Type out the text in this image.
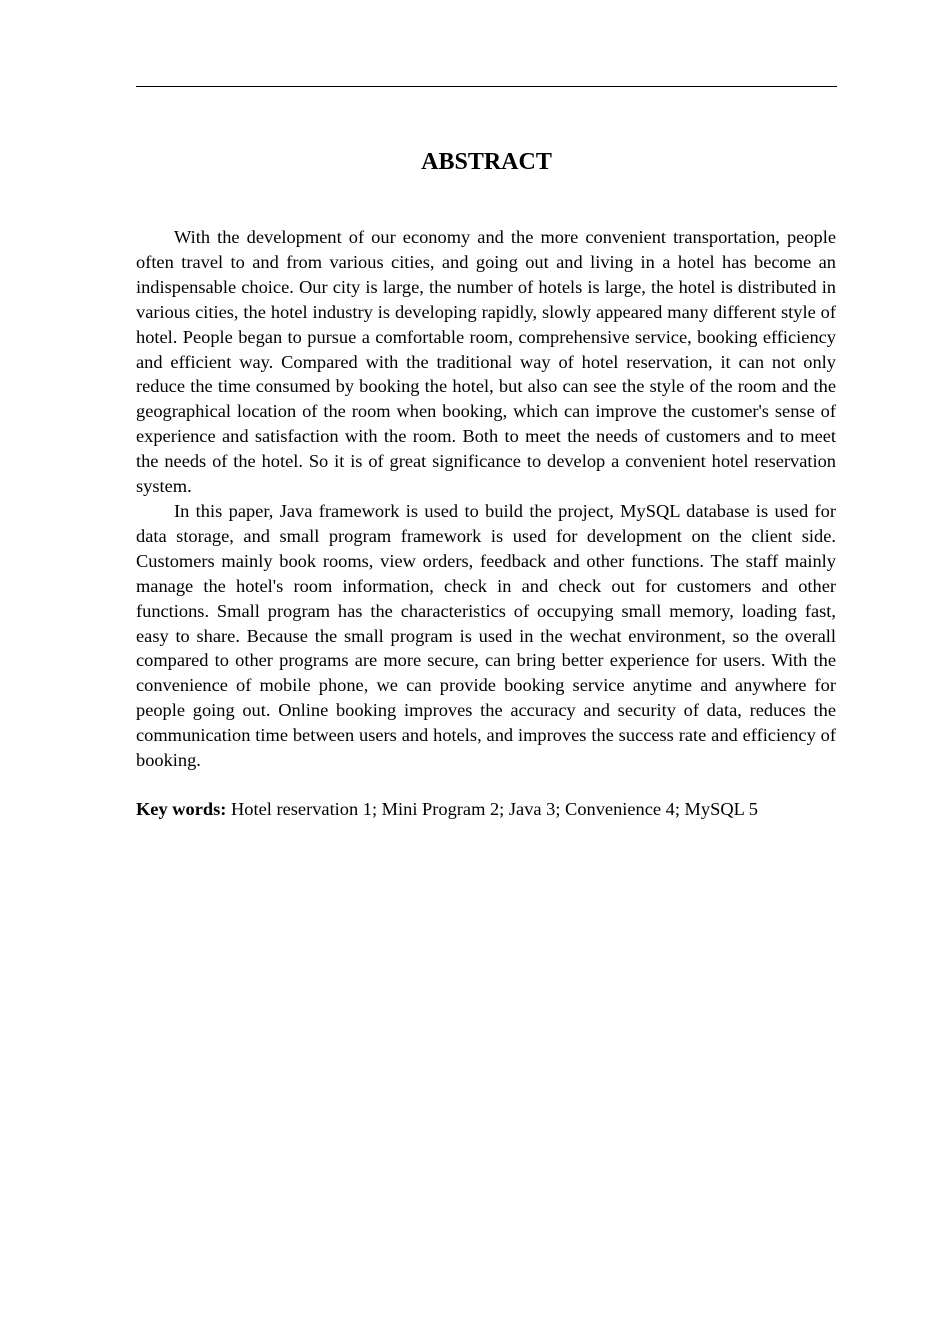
ABSTRACT

With the development of our economy and the more convenient transportation, people often travel to and from various cities, and going out and living in a hotel has become an indispensable choice. Our city is large, the number of hotels is large, the hotel is distributed in various cities, the hotel industry is developing rapidly, slowly appeared many different style of hotel. People began to pursue a comfortable room, comprehensive service, booking efficiency and efficient way. Compared with the traditional way of hotel reservation, it can not only reduce the time consumed by booking the hotel, but also can see the style of the room and the geographical location of the room when booking, which can improve the customer's sense of experience and satisfaction with the room. Both to meet the needs of customers and to meet the needs of the hotel. So it is of great significance to develop a convenient hotel reservation system.

In this paper, Java framework is used to build the project, MySQL database is used for data storage, and small program framework is used for development on the client side. Customers mainly book rooms, view orders, feedback and other functions. The staff mainly manage the hotel's room information, check in and check out for customers and other functions. Small program has the characteristics of occupying small memory, loading fast, easy to share. Because the small program is used in the wechat environment, so the overall compared to other programs are more secure, can bring better experience for users. With the convenience of mobile phone, we can provide booking service anytime and anywhere for people going out. Online booking improves the accuracy and security of data, reduces the communication time between users and hotels, and improves the success rate and efficiency of booking.

Key words: Hotel reservation 1; Mini Program 2; Java 3; Convenience 4; MySQL 5
